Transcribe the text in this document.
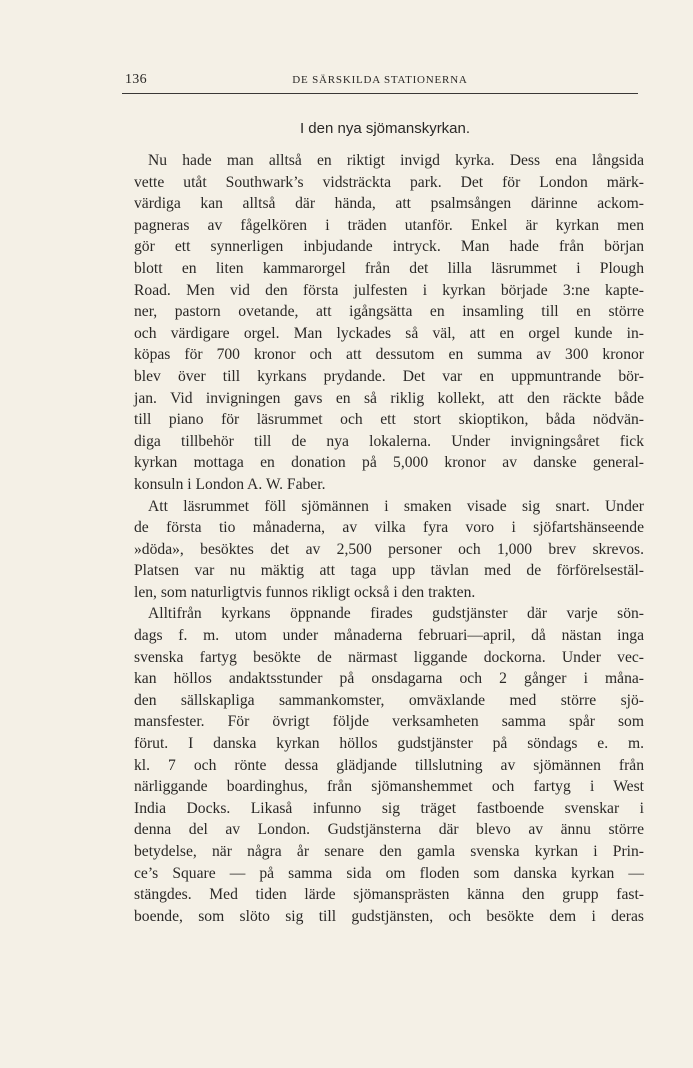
136	DE SÄRSKILDA STATIONERNA
I den nya sjömanskyrkan.
Nu hade man alltså en riktigt invigd kyrka. Dess ena långsida
vette utåt Southwark’s vidsträckta park. Det för London märk-
värdiga kan alltså där hända, att psalmsången därinne ackom-
pagneras av fågelkören i träden utanför. Enkel är kyrkan men
gör ett synnerligen inbjudande intryck. Man hade från början
blott en liten kammarorgel från det lilla läsrummet i Plough
Road. Men vid den första julfesten i kyrkan började 3:ne kapte-
ner, pastorn ovetande, att igångsätta en insamling till en större
och värdigare orgel. Man lyckades så väl, att en orgel kunde in-
köpas för 700 kronor och att dessutom en summa av 300 kronor
blev över till kyrkans prydande. Det var en uppmuntrande bör-
jan. Vid invigningen gavs en så riklig kollekt, att den räckte både
till piano för läsrummet och ett stort skioptikon, båda nödvän-
diga tillbehör till de nya lokalerna. Under invigningsåret fick
kyrkan mottaga en donation på 5,000 kronor av danske general-
konsuln i London A. W. Faber.
Att läsrummet föll sjömännen i smaken visade sig snart. Under
de första tio månaderna, av vilka fyra voro i sjöfartshänseende
»döda», besöktes det av 2,500 personer och 1,000 brev skrevos.
Platsen var nu mäktig att taga upp tävlan med de förförelsestäl-
len, som naturligtvis funnos rikligt också i den trakten.
Alltifrån kyrkans öppnande firades gudstjänster där varje sön-
dags f. m. utom under månaderna februari—april, då nästan inga
svenska fartyg besökte de närmast liggande dockorna. Under vec-
kan höllos andaktsstunder på onsdagarna och 2 gånger i måna-
den sällskapliga sammankomster, omväxlande med större sjö-
mansfester. För övrigt följde verksamheten samma spår som
förut. I danska kyrkan höllos gudstjänster på söndags e. m.
kl. 7 och rönte dessa glädjande tillslutning av sjömännen från
närliggande boardinghus, från sjömanshemmet och fartyg i West
India Docks. Likaså infunno sig träget fastboende svenskar i
denna del av London. Gudstjänsterna där blevo av ännu större
betydelse, när några år senare den gamla svenska kyrkan i Prin-
ce’s Square — på samma sida om floden som danska kyrkan —
stängdes. Med tiden lärde sjömansprästen känna den grupp fast-
boende, som slöto sig till gudstjänsten, och besökte dem i deras
